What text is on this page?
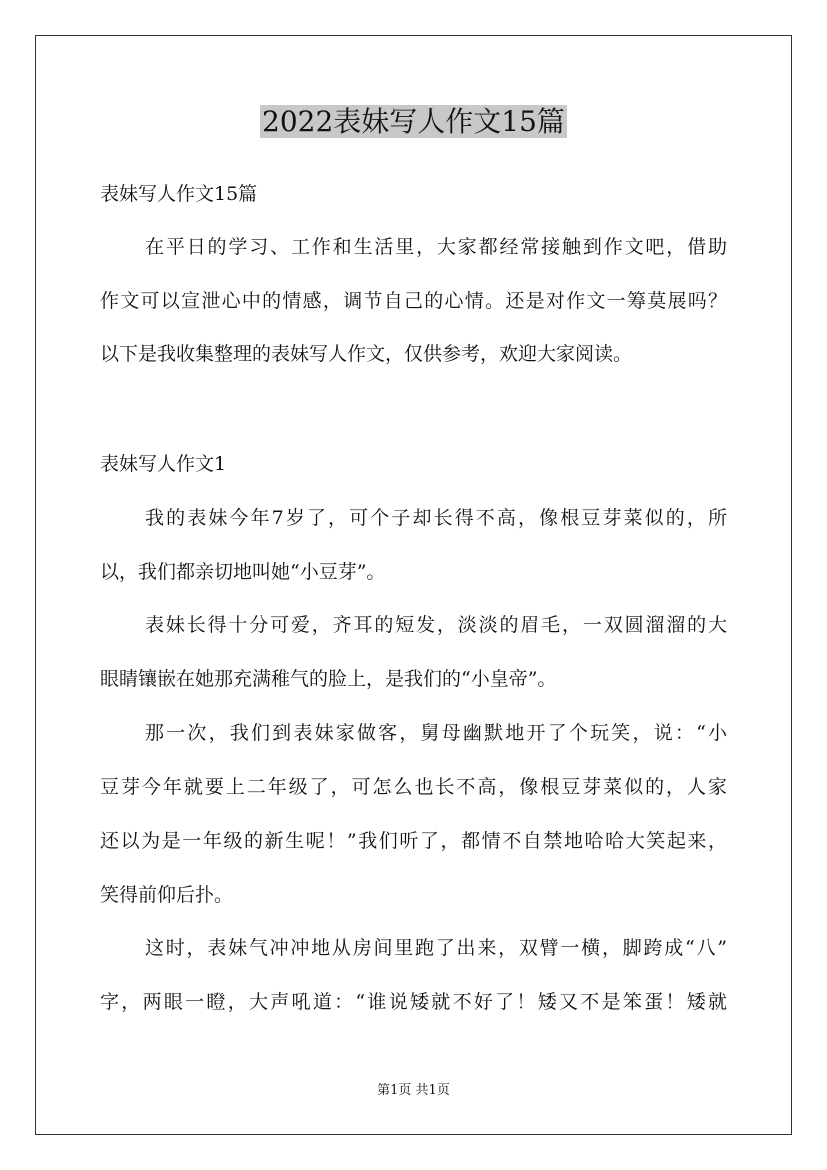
2022表妹写人作文15篇

表妹写人作文15篇

在平日的学习、工作和生活里，大家都经常接触到作文吧，借助

作文可以宣泄心中的情感，调节自己的心情。还是对作文一筹莫展吗？

以下是我收集整理的表妹写人作文，仅供参考，欢迎大家阅读。

表妹写人作文1

我的表妹今年7岁了，可个子却长得不高，像根豆芽菜似的，所

以，我们都亲切地叫她“小豆芽”。

表妹长得十分可爱，齐耳的短发，淡淡的眉毛，一双圆溜溜的大

眼睛镶嵌在她那充满稚气的脸上，是我们的“小皇帝”。

那一次，我们到表妹家做客，舅母幽默地开了个玩笑，说：“小

豆芽今年就要上二年级了，可怎么也长不高，像根豆芽菜似的，人家

还以为是一年级的新生呢！”我们听了，都情不自禁地哈哈大笑起来，

笑得前仰后扑。

这时，表妹气冲冲地从房间里跑了出来，双臂一横，脚跨成“八”

字，两眼一瞪，大声吼道：“谁说矮就不好了！矮又不是笨蛋！矮就

第1页 共1页
